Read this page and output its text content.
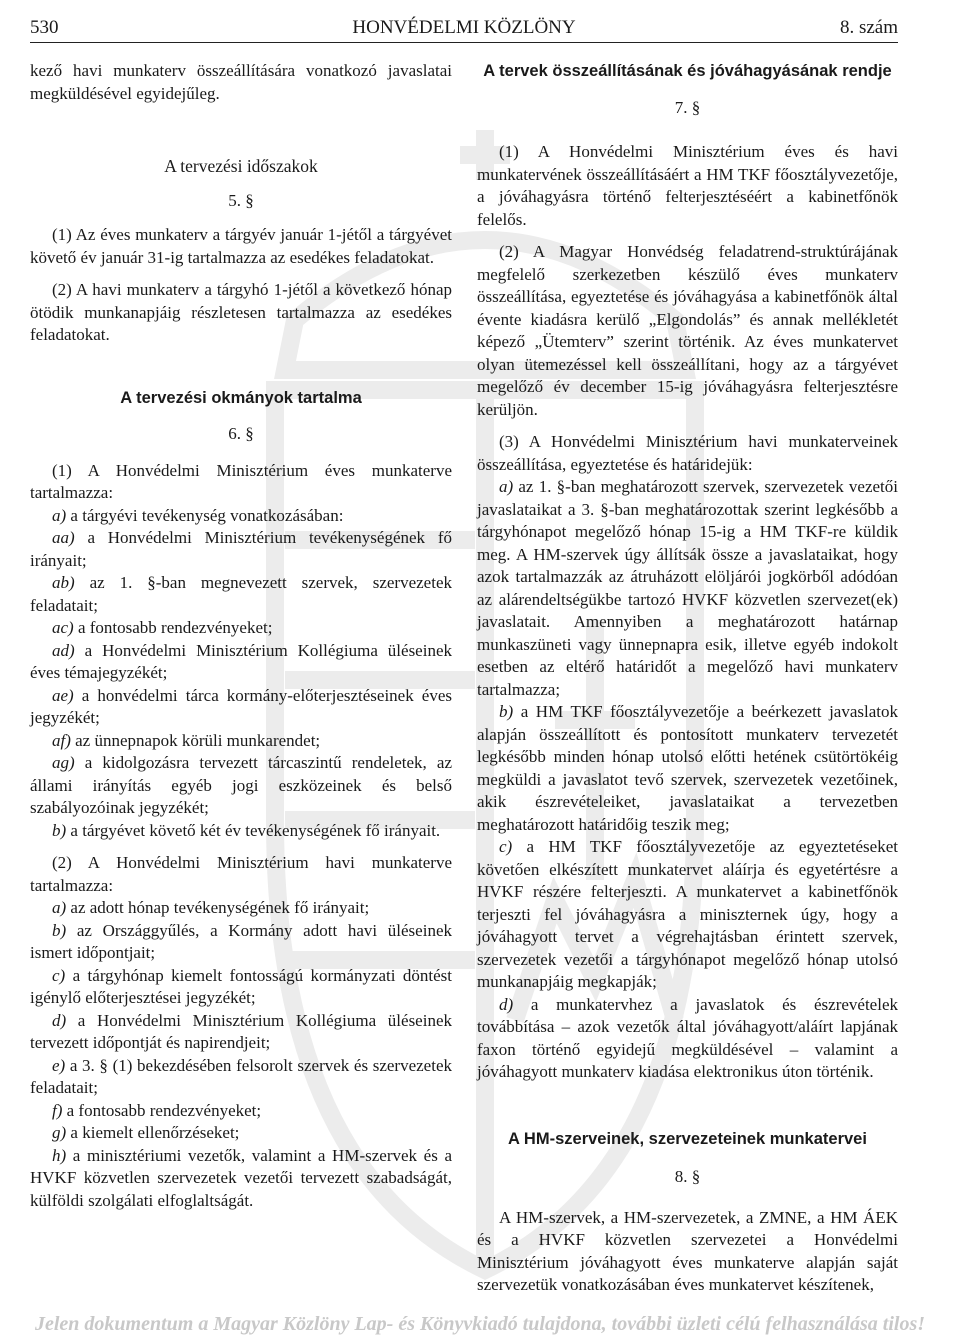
530	HONVÉDELMI KÖZLÖNY	8. szám

kező havi munkaterv összeállítására vonatkozó javaslatai megküldésével egyidejűleg.

A tervezési időszakok

5. §

(1) Az éves munkaterv a tárgyév január 1-jétől a tárgyévet követő év január 31-ig tartalmazza az esedékes feladatokat.

(2) A havi munkaterv a tárgyhó 1-jétől a következő hónap ötödik munkanapjáig részletesen tartalmazza az esedékes feladatokat.

A tervezési okmányok tartalma

6. §

(1) A Honvédelmi Minisztérium éves munkaterve tartalmazza:

a) a tárgyévi tevékenység vonatkozásában:

aa) a Honvédelmi Minisztérium tevékenységének fő irányait;

ab) az 1. §-ban megnevezett szervek, szervezetek feladatait;

ac) a fontosabb rendezvényeket;

ad) a Honvédelmi Minisztérium Kollégiuma üléseinek éves témajegyzékét;

ae) a honvédelmi tárca kormány-előterjesztéseinek éves jegyzékét;

af) az ünnepnapok körüli munkarendet;

ag) a kidolgozásra tervezett tárcaszintű rendeletek, az állami irányítás egyéb jogi eszközeinek és belső szabályozóinak jegyzékét;

b) a tárgyévet követő két év tevékenységének fő irányait.

(2) A Honvédelmi Minisztérium havi munkaterve tartalmazza:

a) az adott hónap tevékenységének fő irányait;

b) az Országgyűlés, a Kormány adott havi üléseinek ismert időpontjait;

c) a tárgyhónap kiemelt fontosságú kormányzati döntést igénylő előterjesztései jegyzékét;

d) a Honvédelmi Minisztérium Kollégiuma üléseinek tervezett időpontját és napirendjeit;

e) a 3. § (1) bekezdésében felsorolt szervek és szervezetek feladatait;

f) a fontosabb rendezvényeket;

g) a kiemelt ellenőrzéseket;

h) a minisztériumi vezetők, valamint a HM-szervek és a HVKF közvetlen szervezetek vezetői tervezett szabadságát, külföldi szolgálati elfoglaltságát.

A tervek összeállításának és jóváhagyásának rendje

7. §

(1) A Honvédelmi Minisztérium éves és havi munkatervének összeállításáért a HM TKF főosztályvezetője, a jóváhagyásra történő felterjesztéséért a kabinetfőnök felelős.

(2) A Magyar Honvédség feladatrend-struktúrájának megfelelő szerkezetben készülő éves munkaterv összeállítása, egyeztetése és jóváhagyása a kabinetfőnök által évente kiadásra kerülő „Elgondolás” és annak mellékletét képező „Ütemterv” szerint történik. Az éves munkatervet olyan ütemezéssel kell összeállítani, hogy az a tárgyévet megelőző év december 15-ig jóváhagyásra felterjesztésre kerüljön.

(3) A Honvédelmi Minisztérium havi munkaterveinek összeállítása, egyeztetése és határidejük:

a) az 1. §-ban meghatározott szervek, szervezetek vezetői javaslataikat a 3. §-ban meghatározottak szerint legkésőbb a tárgyhónapot megelőző hónap 15-ig a HM TKF-re küldik meg. A HM-szervek úgy állítsák össze a javaslataikat, hogy azok tartalmazzák az átruházott elöljárói jogkörből adódóan az alárendeltségükbe tartozó HVKF közvetlen szervezet(ek) javaslatait. Amennyiben a meghatározott határnap munkaszüneti vagy ünnepnapra esik, illetve egyéb indokolt esetben az eltérő határidőt a megelőző havi munkaterv tartalmazza;

b) a HM TKF főosztályvezetője a beérkezett javaslatok alapján összeállított és pontosított munkaterv tervezetét legkésőbb minden hónap utolsó előtti hetének csütörtökéig megküldi a javaslatot tevő szervek, szervezetek vezetőinek, akik észrevételeiket, javaslataikat a tervezetben meghatározott határidőig teszik meg;

c) a HM TKF főosztályvezetője az egyeztetéseket követően elkészített munkatervet aláírja és egyetértésre a HVKF részére felterjeszti. A munkatervet a kabinetfőnök terjeszti fel jóváhagyásra a miniszternek úgy, hogy a jóváhagyott tervet a végrehajtásban érintett szervek, szervezetek vezetői a tárgyhónapot megelőző hónap utolsó munkanapjáig megkapják;

d) a munkatervhez a javaslatok és észrevételek továbbítása – azok vezetők által jóváhagyott/aláírt lapjának faxon történő egyidejű megküldésével – valamint a jóváhagyott munkaterv kiadása elektronikus úton történik.

A HM-szerveinek, szervezeteinek munkatervei

8. §

A HM-szervek, a HM-szervezetek, a ZMNE, a HM ÁEK és a HVKF közvetlen szervezetei a Honvédelmi Minisztérium jóváhagyott éves munkaterve alapján saját szervezetük vonatkozásában éves munkatervet készítenek,

Jelen dokumentum a Magyar Közlöny Lap- és Könyvkiadó tulajdona, további üzleti célú felhasználása tilos!
